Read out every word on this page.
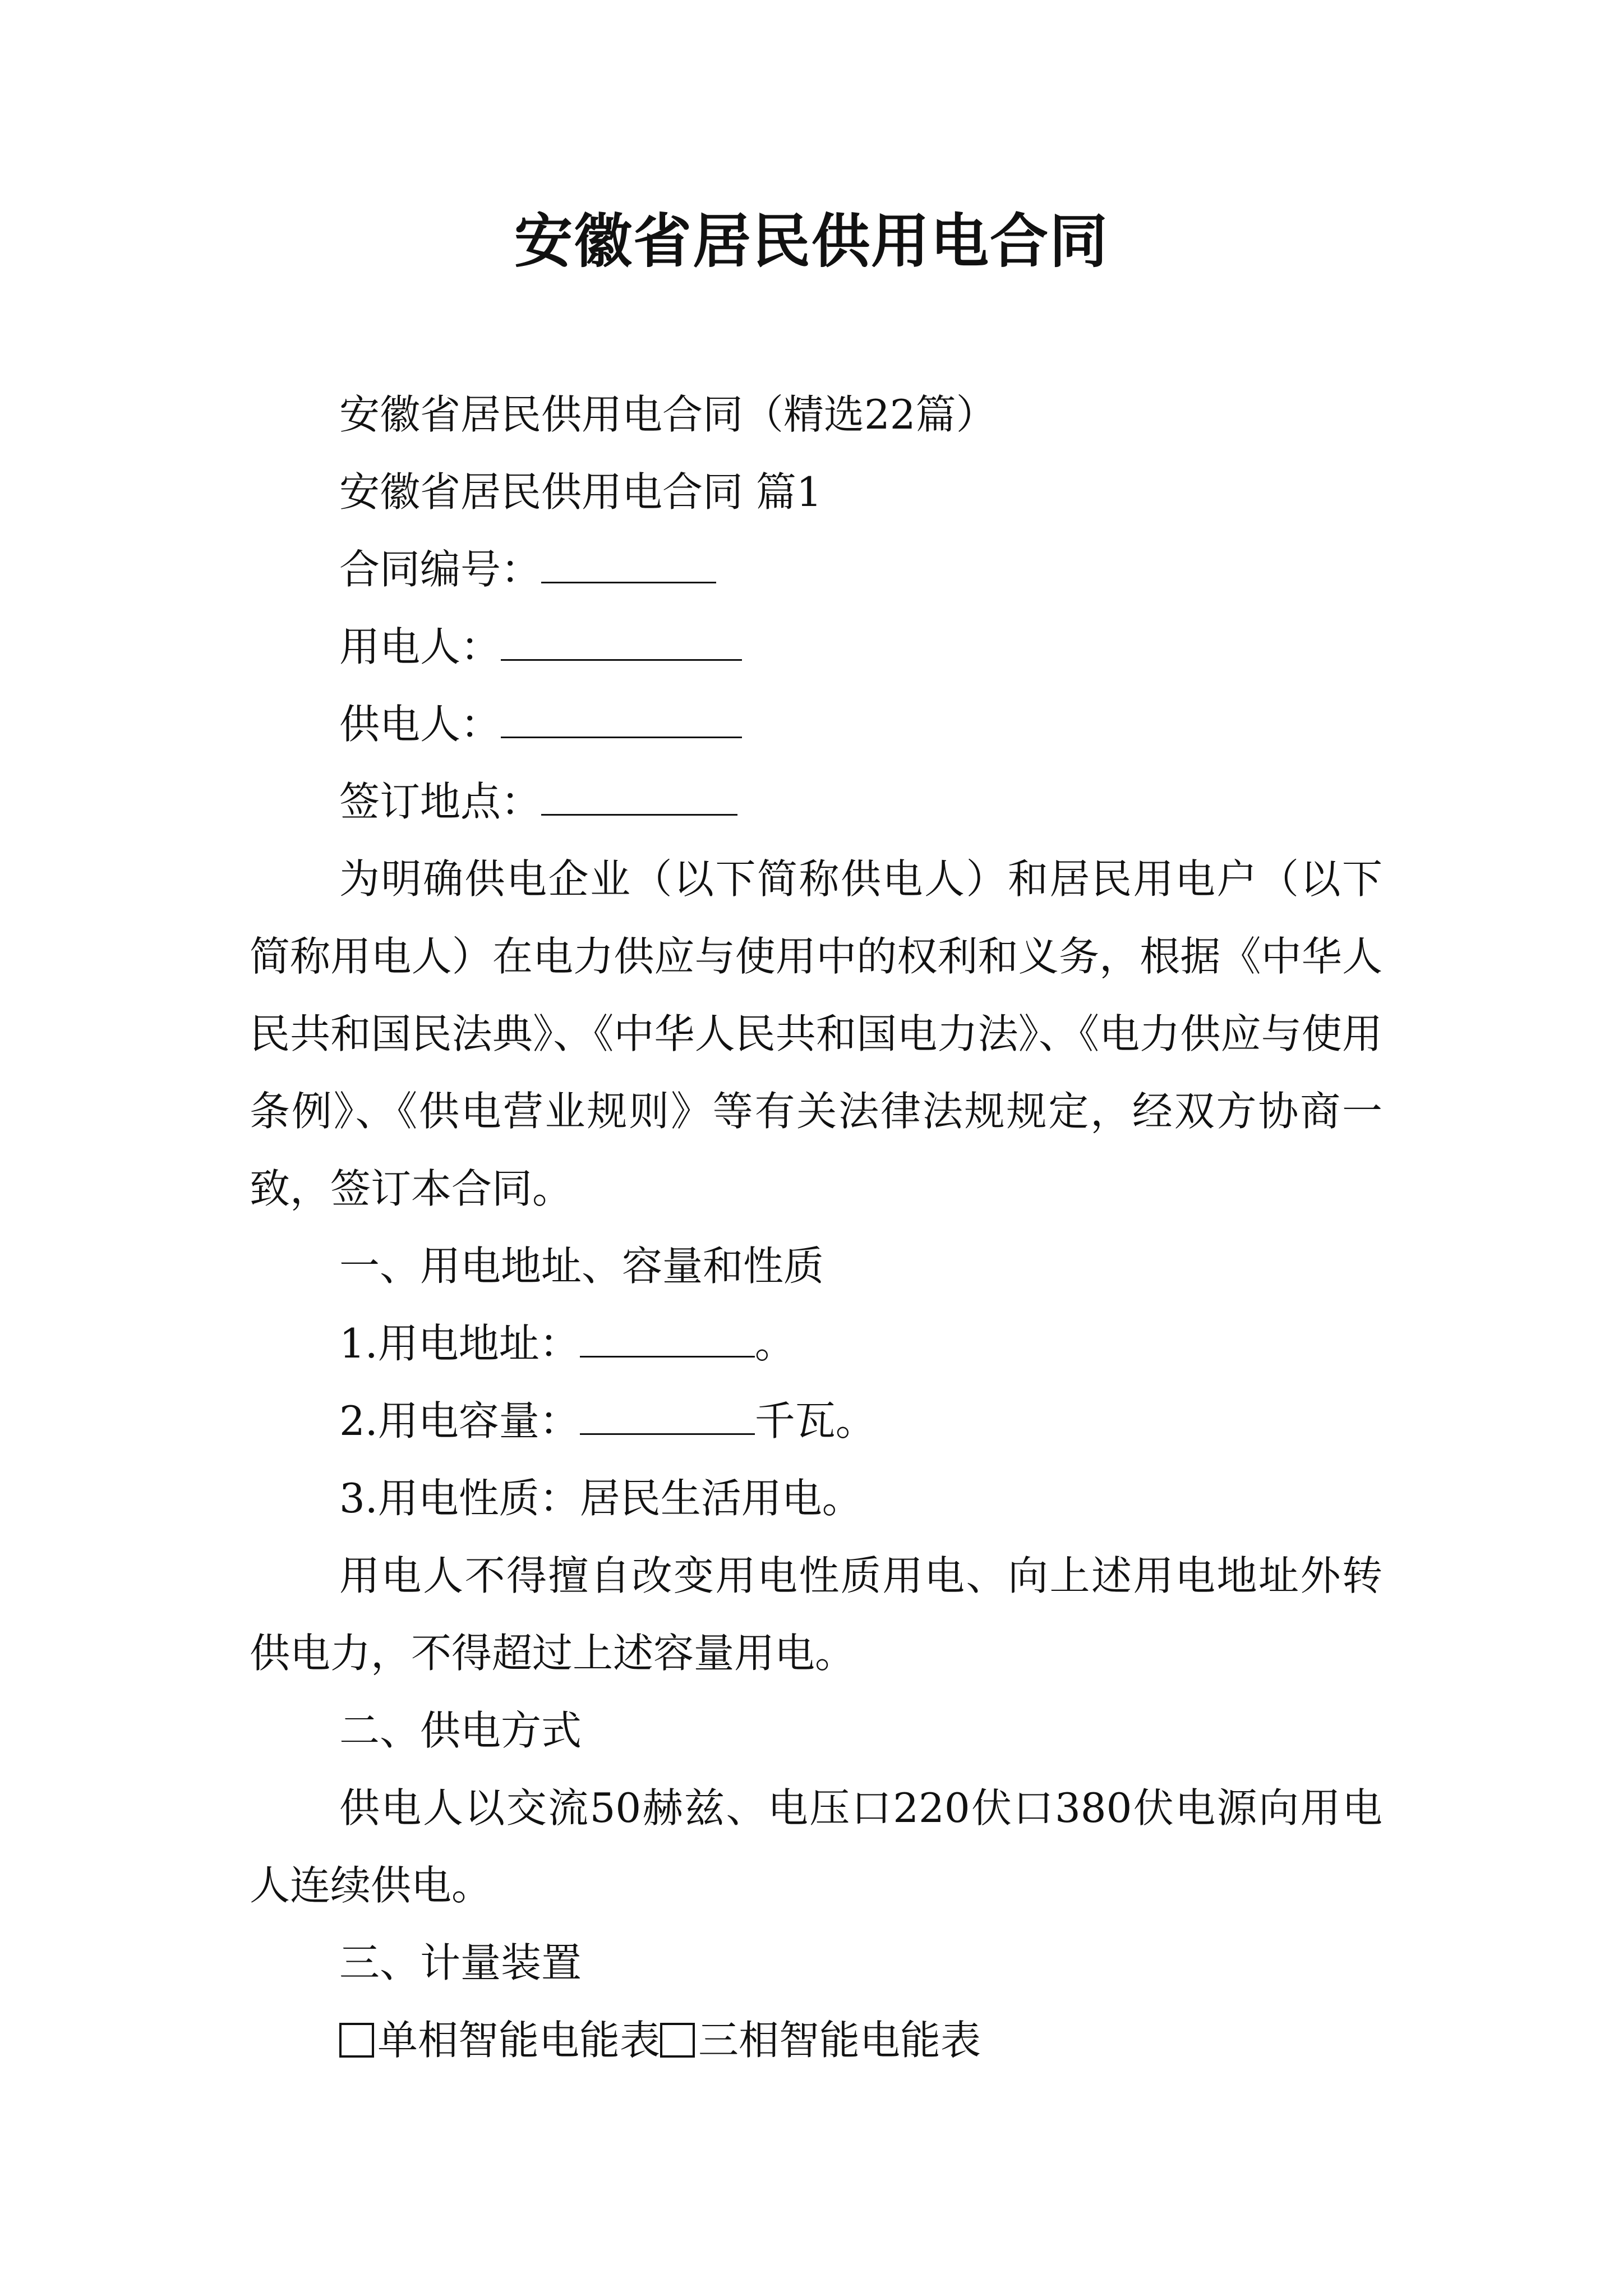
安徽省居民供用电合同

安徽省居民供用电合同（精选22篇）

安徽省居民供用电合同 篇1

合同编号：

用电人：

供电人：

签订地点：

为明确供电企业（以下简称供电人）和居民用电户（以下简称用电人）在电力供应与使用中的权利和义务，根据《中华人民共和国民法典》、《中华人民共和国电力法》、《电力供应与使用条例》、《供电营业规则》等有关法律法规规定，经双方协商一致，签订本合同。

一、用电地址、容量和性质

1.用电地址：	。

2.用电容量：	千瓦。

3.用电性质：居民生活用电。

用电人不得擅自改变用电性质用电、向上述用电地址外转供电力，不得超过上述容量用电。

二、供电方式

供电人以交流50赫兹、电压口220伏口380伏电源向用电人连续供电。

三、计量装置

单相智能电能表 三相智能电能表
